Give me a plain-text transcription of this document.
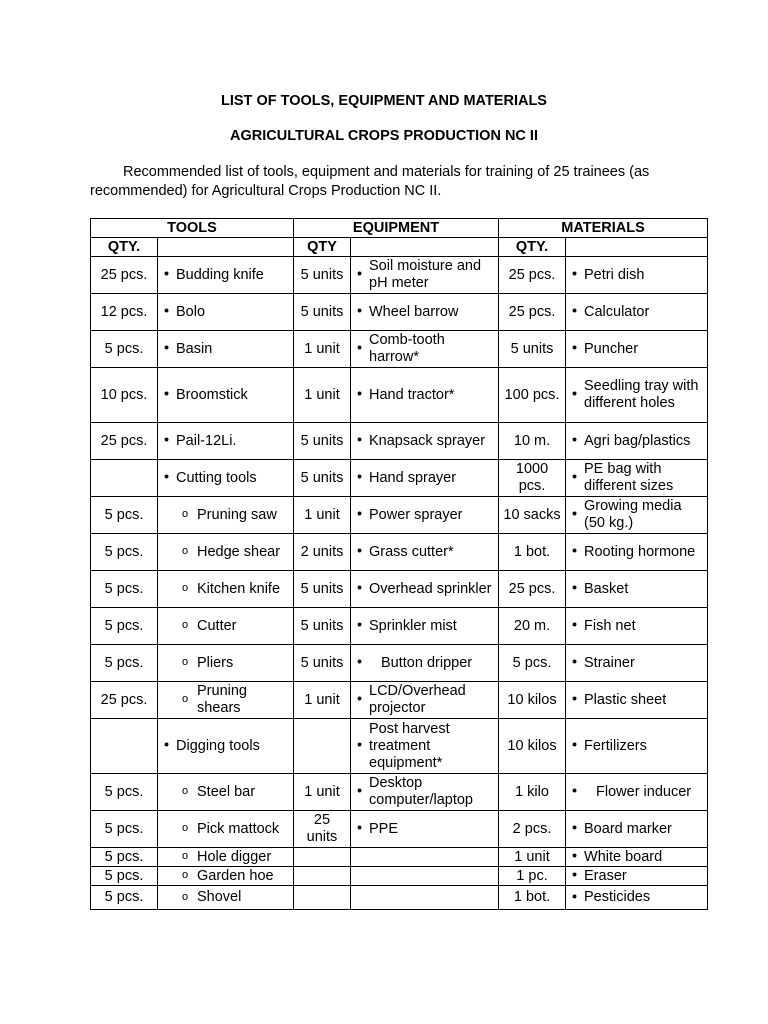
LIST OF TOOLS, EQUIPMENT AND MATERIALS
AGRICULTURAL CROPS PRODUCTION NC II
Recommended list of tools, equipment and materials for training of 25 trainees (as recommended) for Agricultural Crops Production NC II.
TOOLS		EQUIPMENT		MATERIALS	
QTY.		QTY		QTY.	
25 pcs.	• Budding knife	5 units	• Soil moisture and pH meter	25 pcs.	• Petri dish
12 pcs.	• Bolo	5 units	• Wheel barrow	25 pcs.	• Calculator
5 pcs.	• Basin	1 unit	• Comb-tooth harrow*	5 units	• Puncher
10 pcs.	• Broomstick	1 unit	• Hand tractor*	100 pcs.	• Seedling tray with different holes
25 pcs.	• Pail-12Li.	5 units	• Knapsack sprayer	10 m.	• Agri bag/plastics
	• Cutting tools	5 units	• Hand sprayer	1000 pcs.	• PE bag with different sizes
5 pcs.	o Pruning saw	1 unit	• Power sprayer	10 sacks	• Growing media (50 kg.)
5 pcs.	o Hedge shear	2 units	• Grass cutter*	1 bot.	• Rooting hormone
5 pcs.	o Kitchen knife	5 units	• Overhead sprinkler	25 pcs.	• Basket
5 pcs.	o Cutter	5 units	• Sprinkler mist	20 m.	• Fish net
5 pcs.	o Pliers	5 units	• Button dripper	5 pcs.	• Strainer
25 pcs.	o Pruning shears	1 unit	• LCD/Overhead projector	10 kilos	• Plastic sheet
	• Digging tools		• Post harvest treatment equipment*	10 kilos	• Fertilizers
5 pcs.	o Steel bar	1 unit	• Desktop computer/laptop	1 kilo	• Flower inducer
5 pcs.	o Pick mattock	25 units	• PPE	2 pcs.	• Board marker
5 pcs.	o Hole digger			1 unit	• White board
5 pcs.	o Garden hoe			1 pc.	• Eraser
5 pcs.	o Shovel			1 bot.	• Pesticides
